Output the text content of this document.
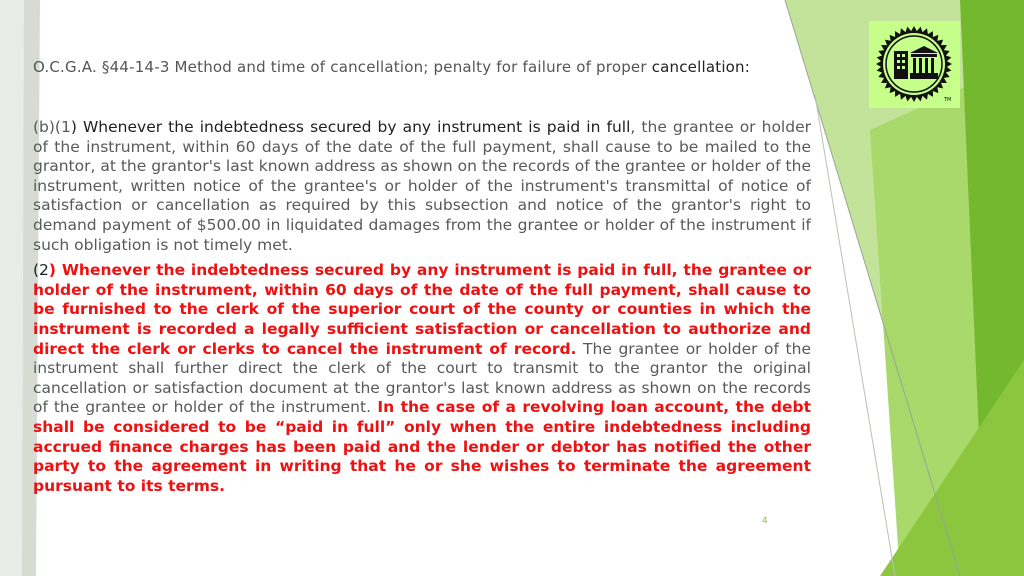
O.C.G.A. §44-14-3 Method and time of cancellation; penalty for failure of proper cancellation:

(b)(1) Whenever the indebtedness secured by any instrument is paid in full, the grantee or holder of the instrument, within 60 days of the date of the full payment, shall cause to be mailed to the grantor, at the grantor's last known address as shown on the records of the grantee or holder of the instrument, written notice of the grantee's or holder of the instrument's transmittal of notice of satisfaction or cancellation as required by this subsection and notice of the grantor's right to demand payment of $500.00 in liquidated damages from the grantee or holder of the instrument if such obligation is not timely met.

(2) Whenever the indebtedness secured by any instrument is paid in full, the grantee or holder of the instrument, within 60 days of the date of the full payment, shall cause to be furnished to the clerk of the superior court of the county or counties in which the instrument is recorded a legally sufficient satisfaction or cancellation to authorize and direct the clerk or clerks to cancel the instrument of record. The grantee or holder of the instrument shall further direct the clerk of the court to transmit to the grantor the original cancellation or satisfaction document at the grantor's last known address as shown on the records of the grantee or holder of the instrument. In the case of a revolving loan account, the debt shall be considered to be “paid in full” only when the entire indebtedness including accrued finance charges has been paid and the lender or debtor has notified the other party to the agreement in writing that he or she wishes to terminate the agreement pursuant to its terms.

TM
4
